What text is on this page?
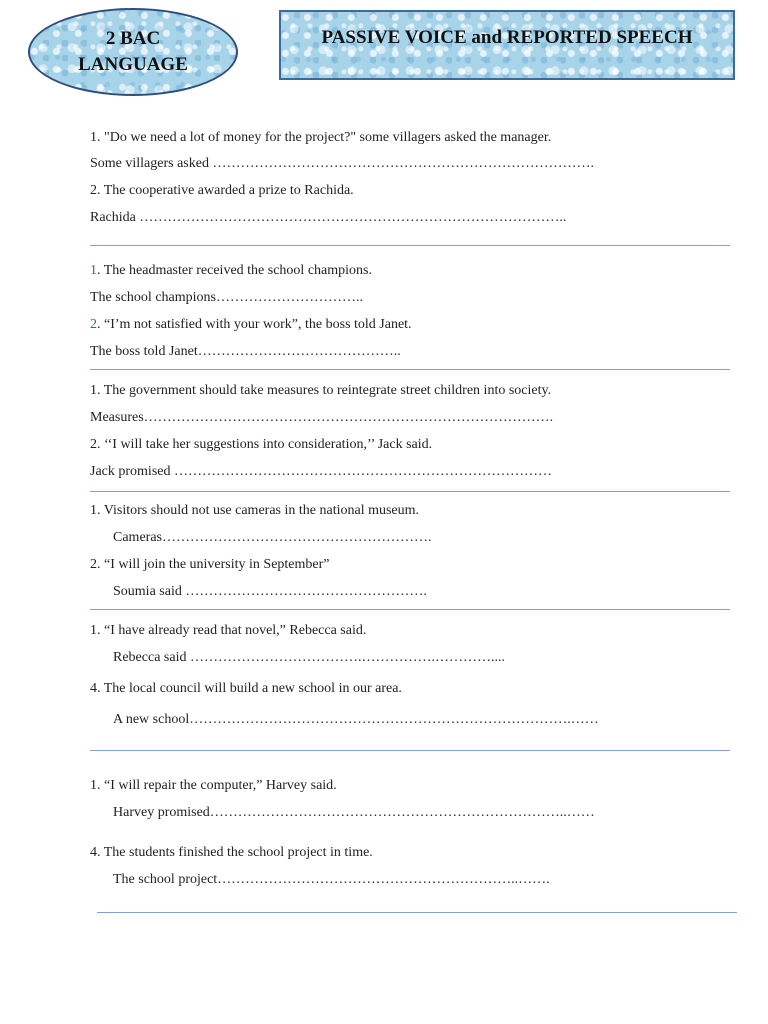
2 BAC
LANGUAGE
PASSIVE VOICE and REPORTED SPEECH
1. "Do we need a lot of money for the project?" some villagers asked the manager.
Some villagers asked ……………………………………………………………………….
2. The cooperative awarded a prize to Rachida.
Rachida ………………………………………………………………………………..
1. The headmaster received the school champions.
The school champions…………………………..
2. “I’m not satisfied with your work”, the boss told Janet.
The boss told Janet……………………………………..
1. The government should take measures to reintegrate street children into society.
Measures…………………………………………………………………………….
2. ‘‘I will take her suggestions into consideration,’’ Jack said.
Jack promised ………………………………………………………………………
1. Visitors should not use cameras in the national museum.
Cameras………………………………………………….
2. “I will join the university in September”
Soumia said …………………………………………….
1. “I have already read that novel,” Rebecca said.
Rebecca said ……………………………….…………….…………....
4. The local council will build a new school in our area.
A new school……………………………………………………………………….……
1. “I will repair the computer,” Harvey said.
Harvey promised…………………………………………………………………..……
4. The students finished the school project in time.
The school project………………………………………………………..…….
